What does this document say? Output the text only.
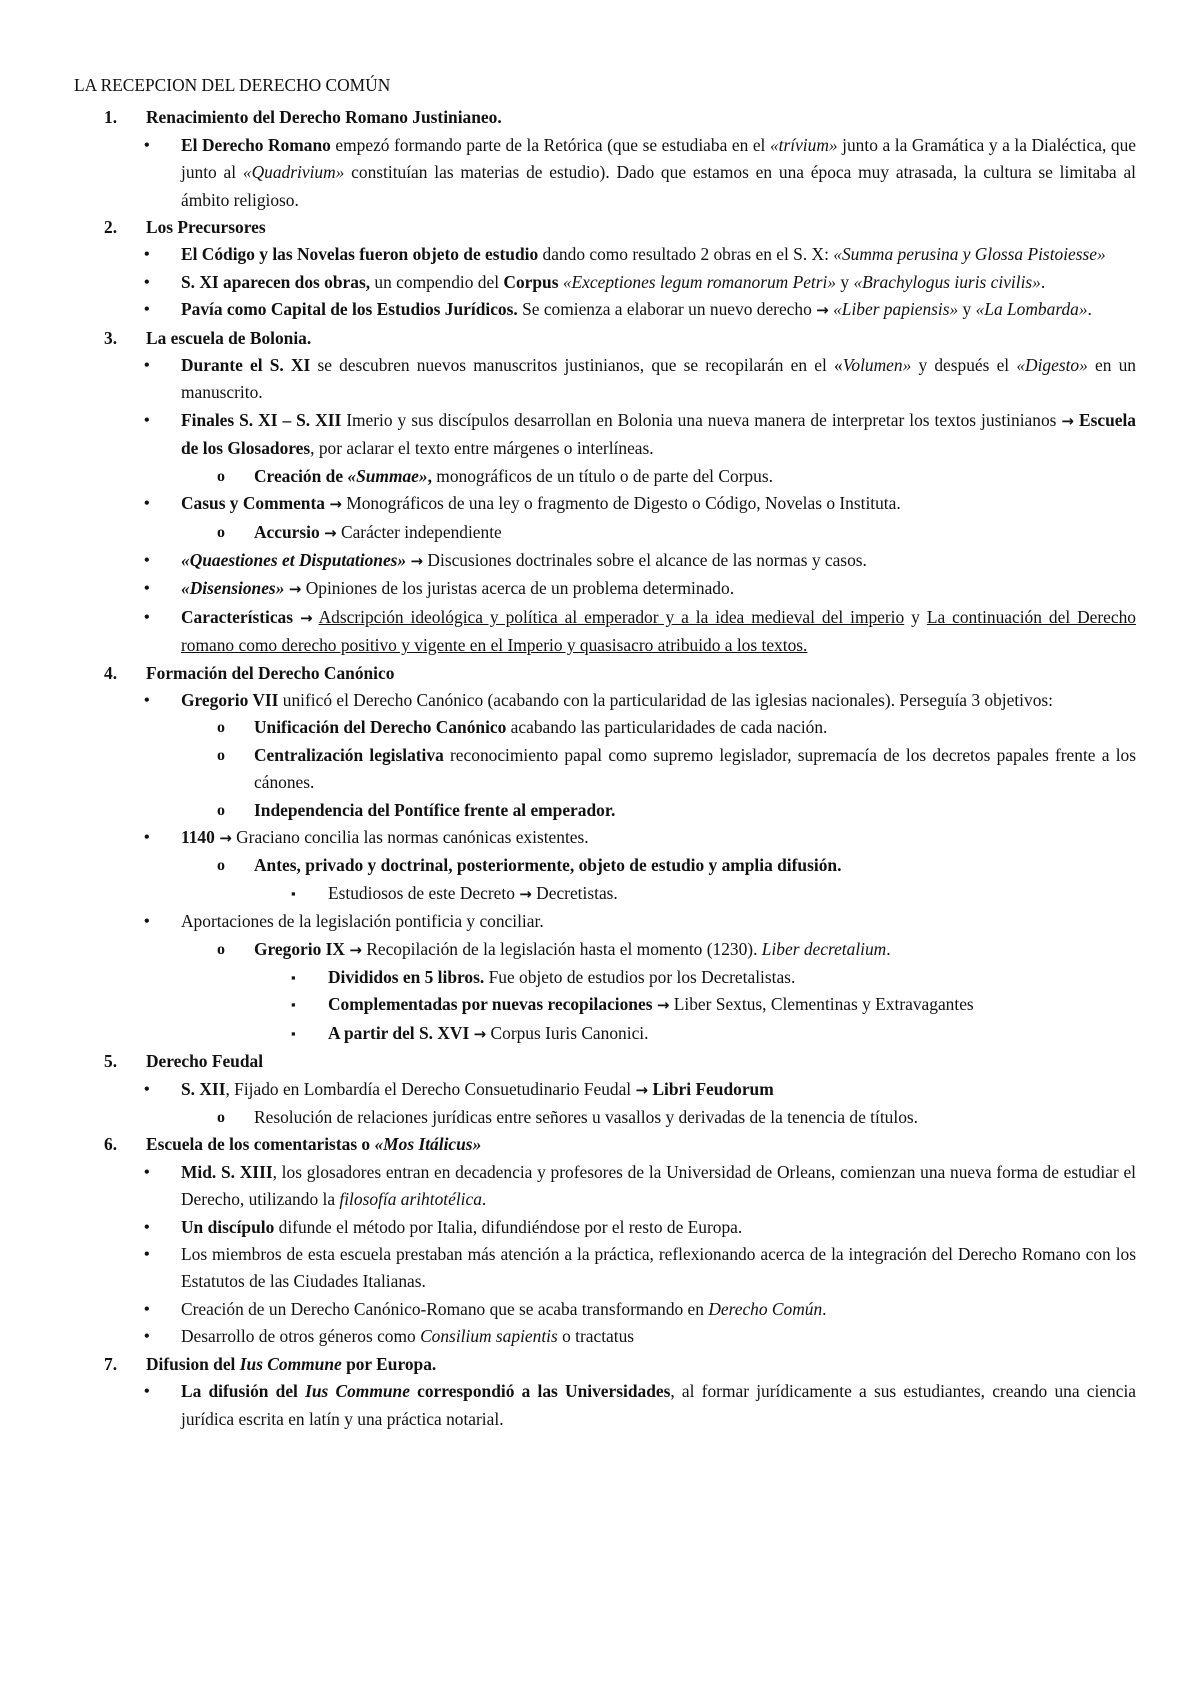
LA RECEPCION DEL DERECHO COMÚN
1. Renacimiento del Derecho Romano Justinianeo.
• El Derecho Romano empezó formando parte de la Retórica (que se estudiaba en el «trívium» junto a la Gramática y a la Dialéctica, que junto al «Quadrivium» constituían las materias de estudio). Dado que estamos en una época muy atrasada, la cultura se limitaba al ámbito religioso.
2. Los Precursores
• El Código y las Novelas fueron objeto de estudio dando como resultado 2 obras en el S. X: «Summa perusina y Glossa Pistoiesse»
• S. XI aparecen dos obras, un compendio del Corpus «Exceptiones legum romanorum Petri» y «Brachylogus iuris civilis».
• Pavía como Capital de los Estudios Jurídicos. Se comienza a elaborar un nuevo derecho → «Liber papiensis» y «La Lombarda».
3. La escuela de Bolonia.
• Durante el S. XI se descubren nuevos manuscritos justinianos, que se recopilarán en el «Volumen» y después el «Digesto» en un manuscrito.
• Finales S. XI – S. XII Imerio y sus discípulos desarrollan en Bolonia una nueva manera de interpretar los textos justinianos → Escuela de los Glosadores, por aclarar el texto entre márgenes o interlíneas.
o Creación de «Summae», monográficos de un título o de parte del Corpus.
• Casus y Commenta → Monográficos de una ley o fragmento de Digesto o Código, Novelas o Instituta.
o Accursio → Carácter independiente
• «Quaestiones et Disputationes» → Discusiones doctrinales sobre el alcance de las normas y casos.
• «Disensiones» → Opiniones de los juristas acerca de un problema determinado.
• Características → Adscripción ideológica y política al emperador y a la idea medieval del imperio y La continuación del Derecho romano como derecho positivo y vigente en el Imperio y quasisacro atribuido a los textos.
4. Formación del Derecho Canónico
• Gregorio VII unificó el Derecho Canónico (acabando con la particularidad de las iglesias nacionales). Perseguía 3 objetivos:
o Unificación del Derecho Canónico acabando las particularidades de cada nación.
o Centralización legislativa reconocimiento papal como supremo legislador, supremacía de los decretos papales frente a los cánones.
o Independencia del Pontífice frente al emperador.
• 1140 → Graciano concilia las normas canónicas existentes.
o Antes, privado y doctrinal, posteriormente, objeto de estudio y amplia difusión.
▪ Estudiosos de este Decreto → Decretistas.
• Aportaciones de la legislación pontificia y conciliar.
o Gregorio IX → Recopilación de la legislación hasta el momento (1230). Liber decretalium.
▪ Divididos en 5 libros. Fue objeto de estudios por los Decretalistas.
▪ Complementadas por nuevas recopilaciones → Liber Sextus, Clementinas y Extravagantes
▪ A partir del S. XVI → Corpus Iuris Canonici.
5. Derecho Feudal
• S. XII, Fijado en Lombardía el Derecho Consuetudinario Feudal → Libri Feudorum
o Resolución de relaciones jurídicas entre señores u vasallos y derivadas de la tenencia de títulos.
6. Escuela de los comentaristas o «Mos Itálicus»
• Mid. S. XIII, los glosadores entran en decadencia y profesores de la Universidad de Orleans, comienzan una nueva forma de estudiar el Derecho, utilizando la filosofía arihtotélica.
• Un discípulo difunde el método por Italia, difundiéndose por el resto de Europa.
• Los miembros de esta escuela prestaban más atención a la práctica, reflexionando acerca de la integración del Derecho Romano con los Estatutos de las Ciudades Italianas.
• Creación de un Derecho Canónico-Romano que se acaba transformando en Derecho Común.
• Desarrollo de otros géneros como Consilium sapientis o tractatus
7. Difusion del Ius Commune por Europa.
• La difusión del Ius Commune correspondió a las Universidades, al formar jurídicamente a sus estudiantes, creando una ciencia jurídica escrita en latín y una práctica notarial.
